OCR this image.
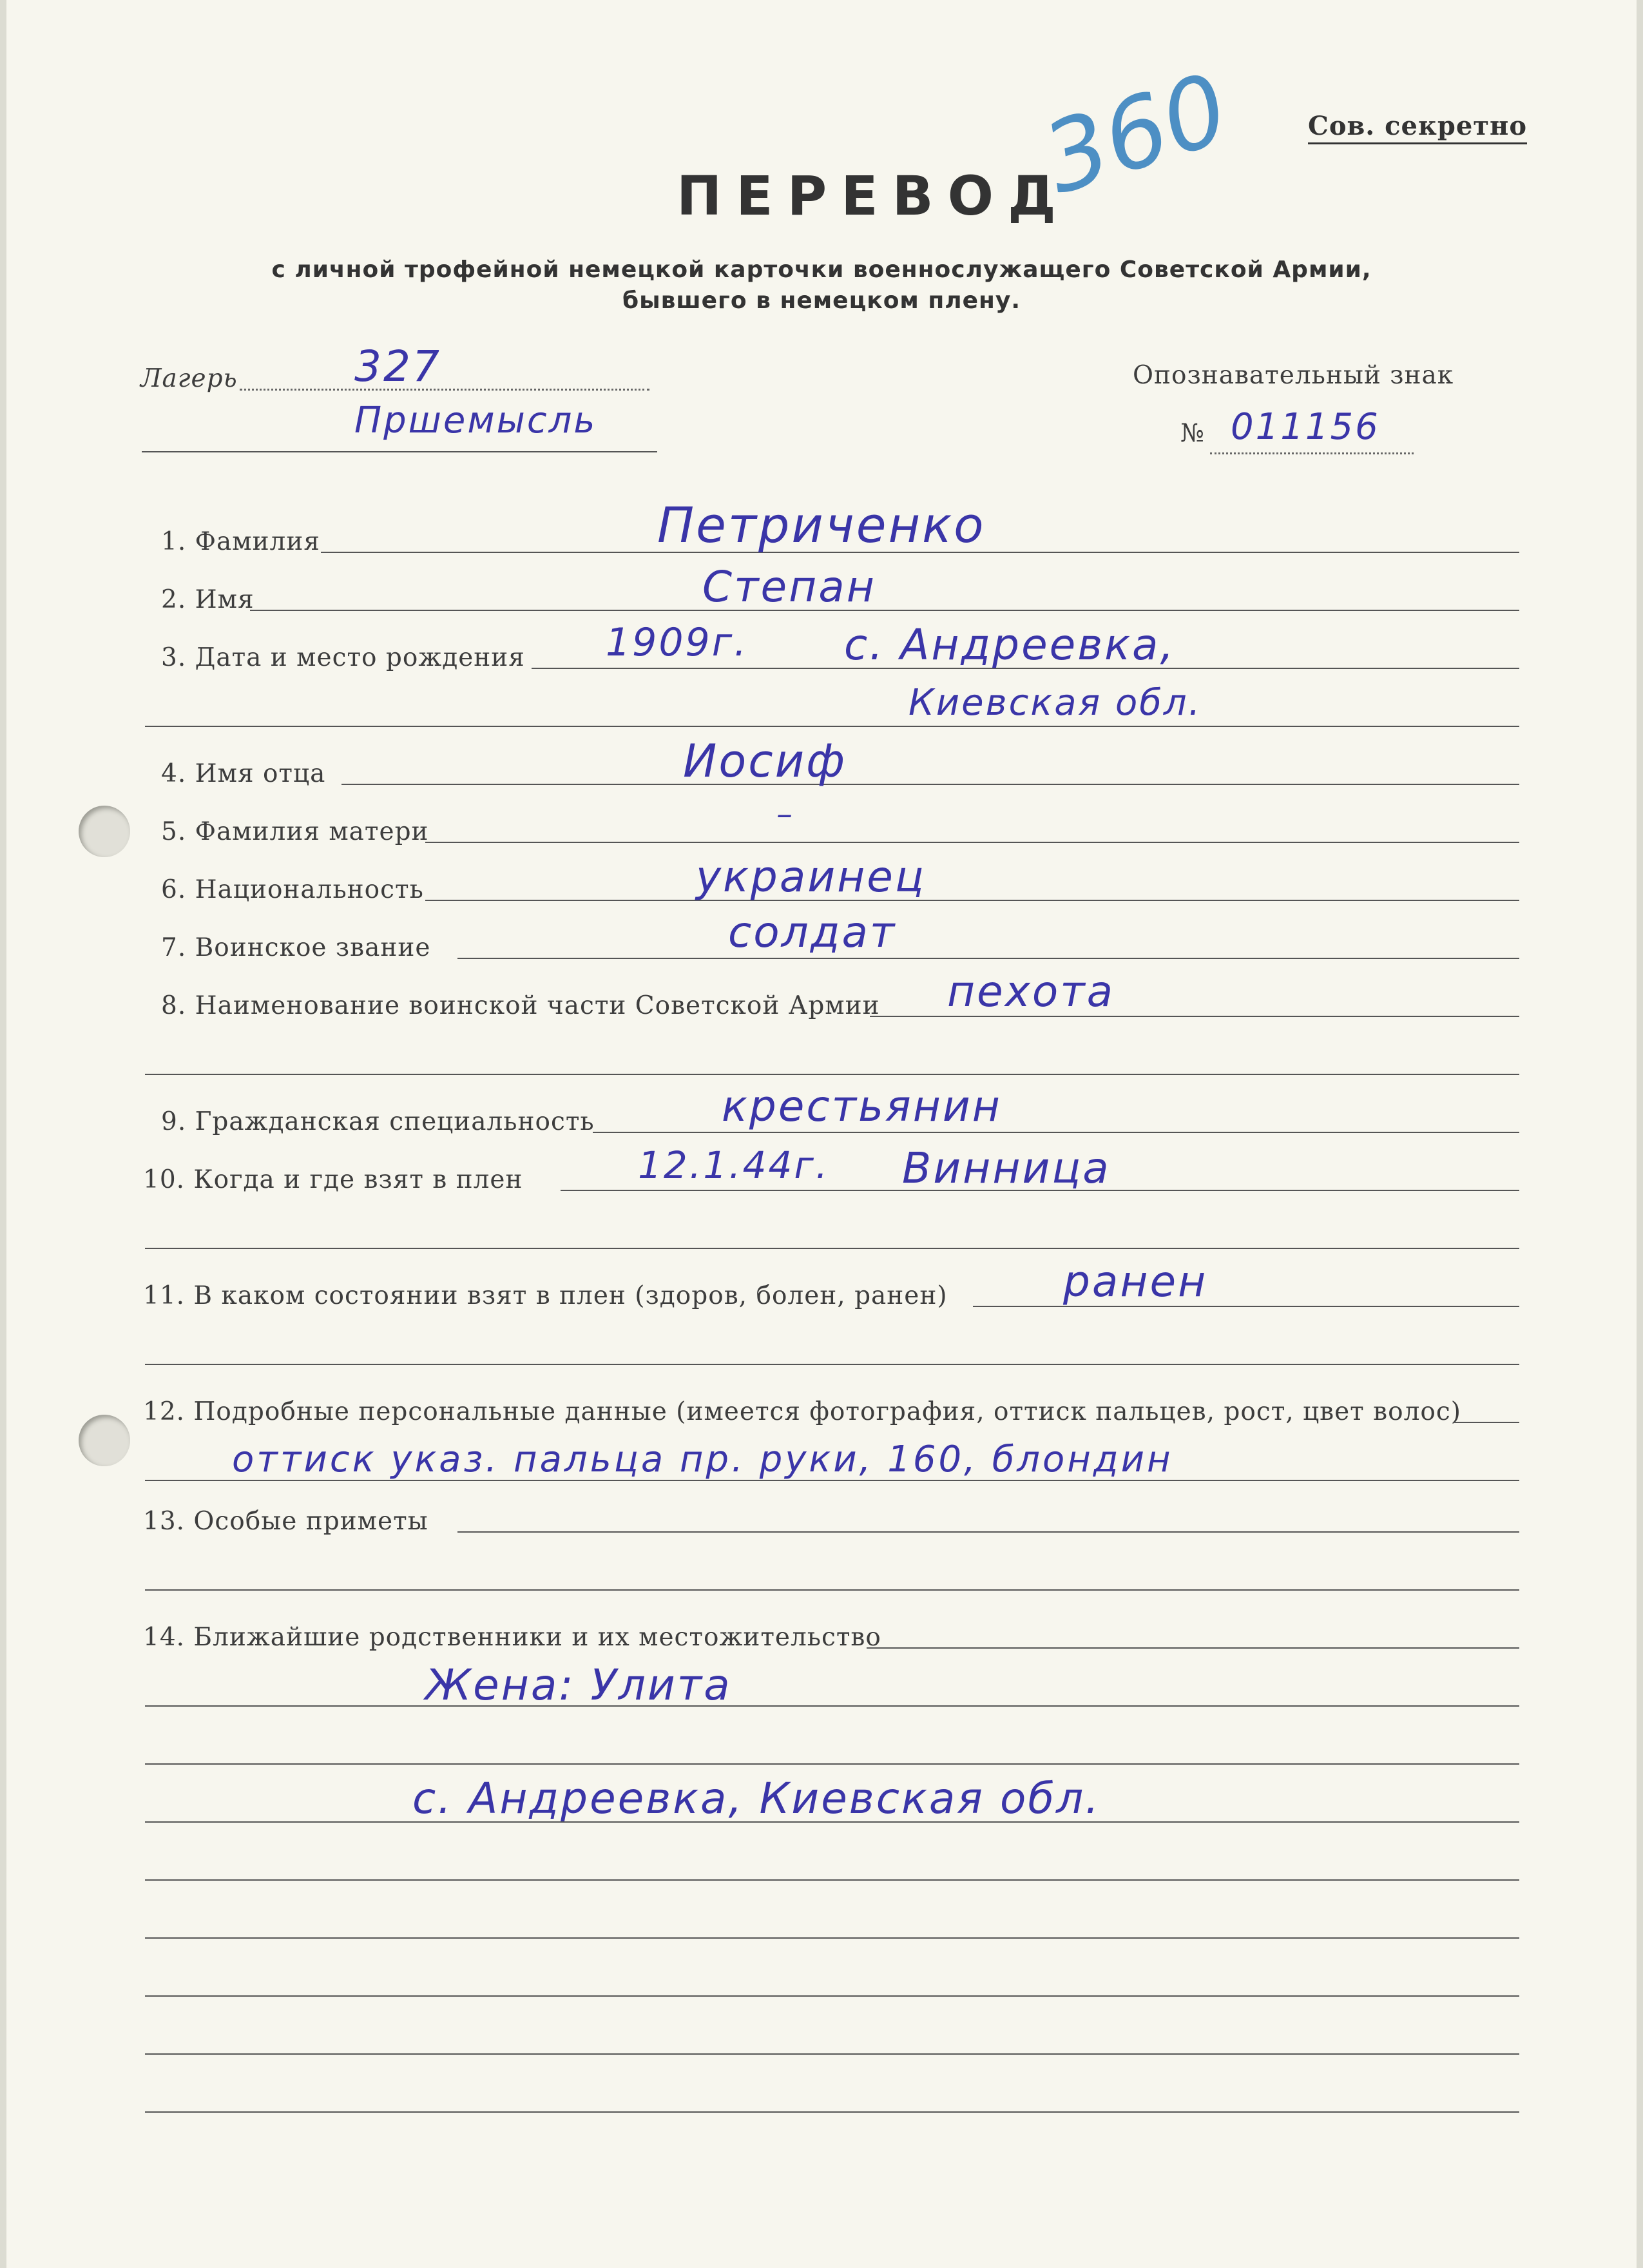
Сов. секретно
360
ПЕРЕВОД
с личной трофейной немецкой карточки военнослужащего Советской Армии,
бывшего в немецком плену.
Лагерь	327
Пршемысль
Опознавательный знак
№ 011156
1. Фамилия	Петриченко
2. Имя	Степан
3. Дата и место рождения 1909г. с. Андреевка,
Киевская обл.
4. Имя отца	Иосиф
5. Фамилия матери	–
6. Национальность	украинец
7. Воинское звание	солдат
8. Наименование воинской части Советской Армии пехота
9. Гражданская специальность	крестьянин
10. Когда и где взят в плен	12.1.44г. Винница
11. В каком состоянии взят в плен (здоров, болен, ранен)	ранен
12. Подробные персональные данные (имеется фотография, оттиск пальцев, рост, цвет волос)
оттиск указ. пальца пр. руки, 160, блондин
13. Особые приметы
14. Ближайшие родственники и их местожительство
Жена: Улита
с. Андреевка, Киевская обл.
